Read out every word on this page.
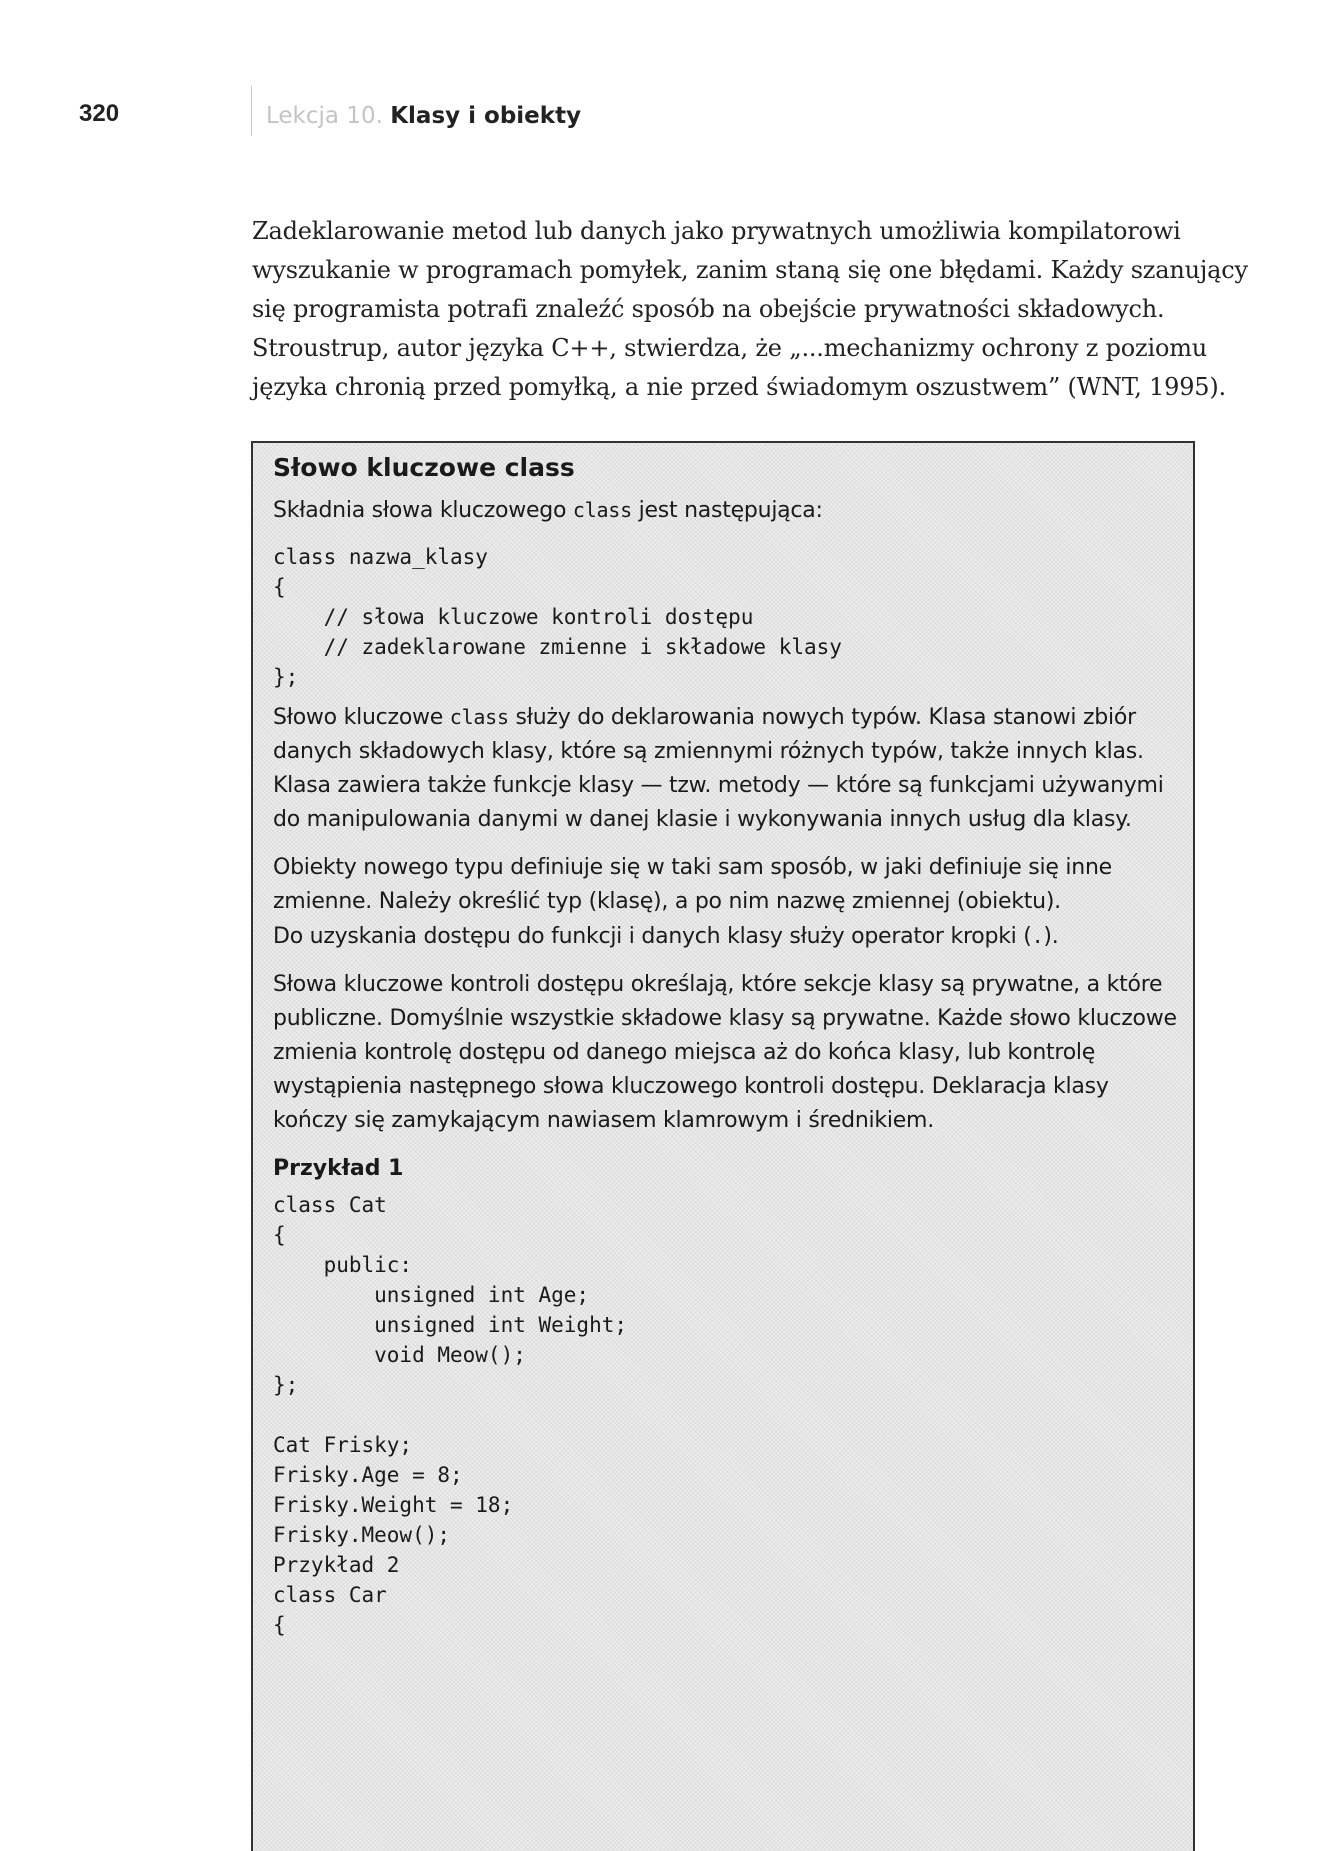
320	Lekcja 10. Klasy i obiekty
Zadeklarowanie metod lub danych jako prywatnych umożliwia kompilatorowi
wyszukanie w programach pomyłek, zanim staną się one błędami. Każdy szanujący
się programista potrafi znaleźć sposób na obejście prywatności składowych.
Stroustrup, autor języka C++, stwierdza, że „...mechanizmy ochrony z poziomu
języka chronią przed pomyłką, a nie przed świadomym oszustwem” (WNT, 1995).
Słowo kluczowe class

Składnia słowa kluczowego class jest następująca:

class nazwa_klasy
{
// słowa kluczowe kontroli dostępu
// zadeklarowane zmienne i składowe klasy
};

Słowo kluczowe class służy do deklarowania nowych typów. Klasa stanowi zbiór
danych składowych klasy, które są zmiennymi różnych typów, także innych klas.
Klasa zawiera także funkcje klasy — tzw. metody — które są funkcjami używanymi
do manipulowania danymi w danej klasie i wykonywania innych usług dla klasy.

Obiekty nowego typu definiuje się w taki sam sposób, w jaki definiuje się inne
zmienne. Należy określić typ (klasę), a po nim nazwę zmiennej (obiektu).
Do uzyskania dostępu do funkcji i danych klasy służy operator kropki (.).

Słowa kluczowe kontroli dostępu określają, które sekcje klasy są prywatne, a które
publiczne. Domyślnie wszystkie składowe klasy są prywatne. Każde słowo kluczowe
zmienia kontrolę dostępu od danego miejsca aż do końca klasy, lub kontrolę
wystąpienia następnego słowa kluczowego kontroli dostępu. Deklaracja klasy
kończy się zamykającym nawiasem klamrowym i średnikiem.

Przykład 1
class Cat
{
public:
unsigned int Age;
unsigned int Weight;
void Meow();
};

Cat Frisky;
Frisky.Age = 8;
Frisky.Weight = 18;
Frisky.Meow();
Przykład 2
class Car
{
